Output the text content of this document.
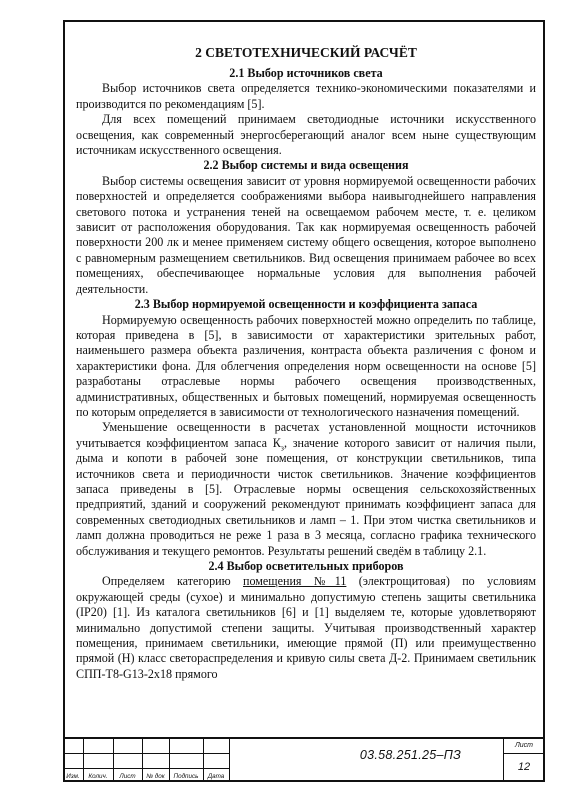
2 СВЕТОТЕХНИЧЕСКИЙ РАСЧЁТ
2.1 Выбор источников света

Выбор источников света определяется технико-экономическими показателями и производится по рекомендациям [5].

Для всех помещений принимаем светодиодные источники искусственного освещения, как современный энергосберегающий аналог всем ныне существующим источникам искусственного освещения.

2.2 Выбор системы и вида освещения

Выбор системы освещения зависит от уровня нормируемой освещенности рабочих поверхностей и определяется соображениями выбора наивыгоднейшего направления светового потока и устранения теней на освещаемом рабочем месте, т. е. целиком зависит от расположения оборудования. Так как нормируемая освещенность рабочей поверхности 200 лк и менее применяем систему общего освещения, которое выполнено с равномерным размещением светильников. Вид освещения принимаем рабочее во всех помещениях, обеспечивающее нормальные условия для выполнения рабочей деятельности.

2.3 Выбор нормируемой освещенности и коэффициента запаса

Нормируемую освещенность рабочих поверхностей можно определить по таблице, которая приведена в [5], в зависимости от характеристики зрительных работ, наименьшего размера объекта различения, контраста объекта различения с фоном и характеристики фона. Для облегчения определения норм освещенности на основе [5] разработаны отраслевые нормы рабочего освещения производственных, административных, общественных и бытовых помещений, нормируемая освещенность по которым определяется в зависимости от технологического назначения помещений.

Уменьшение освещенности в расчетах установленной мощности источников учитывается коэффициентом запаса $К_з$, значение которого зависит от наличия пыли, дыма и копоти в рабочей зоне помещения, от конструкции светильников, типа источников света и периодичности чисток светильников. Значение коэффициентов запаса приведены в [5]. Отраслевые нормы освещения сельскохозяйственных предприятий, зданий и сооружений рекомендуют принимать коэффициент запаса для современных светодиодных светильников и ламп – 1. При этом чистка светильников и ламп должна проводиться не реже 1 раза в 3 месяца, согласно графика технического обслуживания и текущего ремонтов. Результаты решений сведём в таблицу 2.1.

2.4 Выбор осветительных приборов

Определяем категорию помещения №11 (электрощитовая) по условиям окружающей среды (сухое) и минимально допустимую степень защиты светильника (IP20) [1]. Из каталога светильников [6] и [1] выделяем те, которые удовлетворяют минимально допустимой степени защиты. Учитывая производственный характер помещения, принимаем светильники, имеющие прямой (П) или преимущественно прямой (Н) класс светораспределения и кривую силы света Д-2. Принимаем светильник СПП-Т8-G13-2х18 прямого

Изм.	Колич.	Лист	№ док	Подпись	Дата
03.58.251.25–ПЗ
Лист
12
